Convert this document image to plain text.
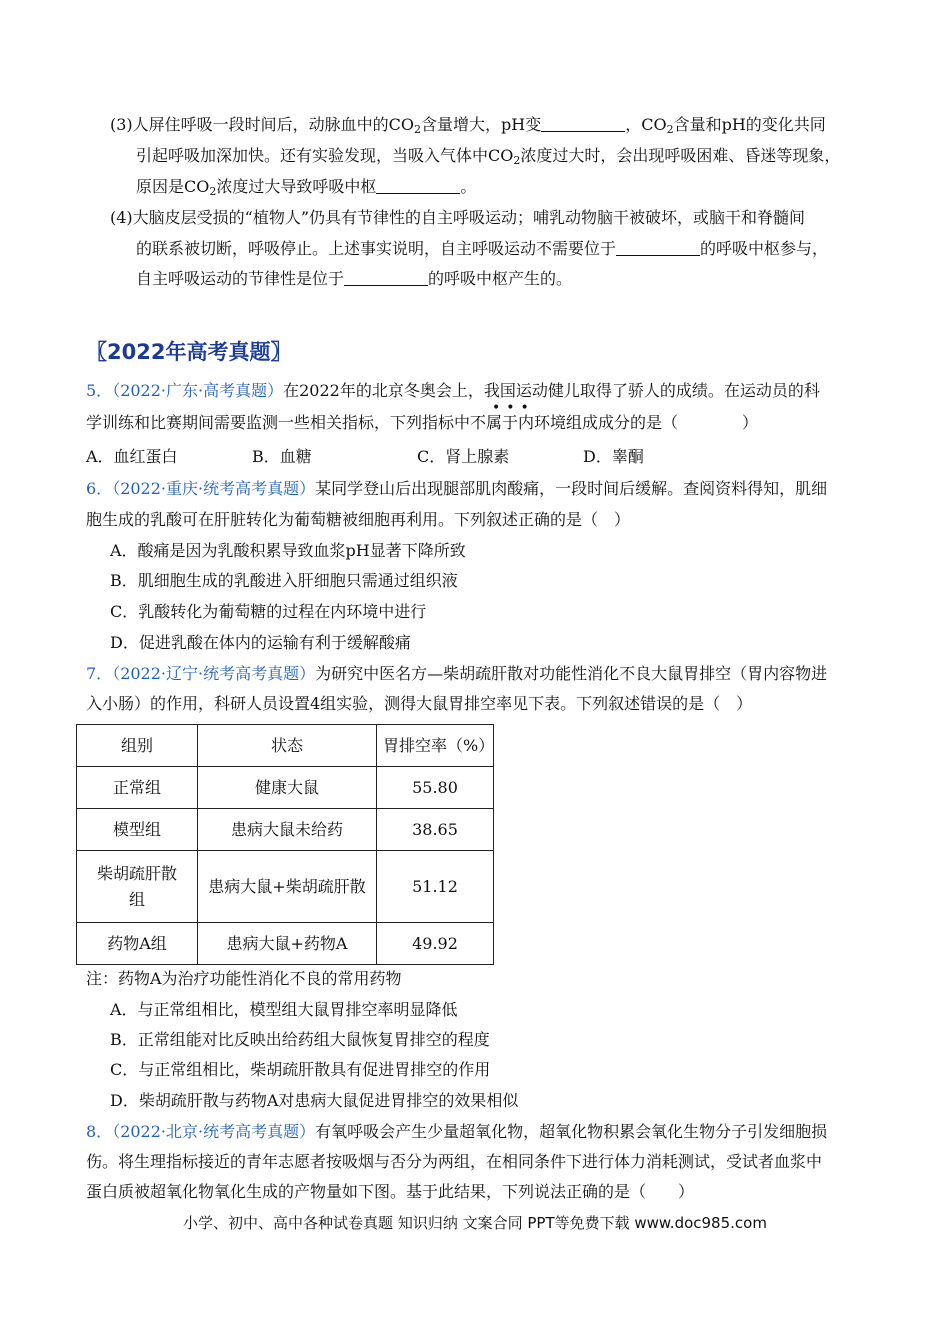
(3)人屏住呼吸一段时间后，动脉血中的$CO_2$含量增大，pH变	，$CO_2$含量和pH的变化共同
引起呼吸加深加快。还有实验发现，当吸入气体中$CO_2$浓度过大时，会出现呼吸困难、昏迷等现象，
原因是$CO_2$浓度过大导致呼吸中枢	。
(4)大脑皮层受损的“植物人”仍具有节律性的自主呼吸运动；哺乳动物脑干被破坏，或脑干和脊髓间
的联系被切断，呼吸停止。上述事实说明，自主呼吸运动不需要位于	的呼吸中枢参与，
自主呼吸运动的节律性是位于	的呼吸中枢产生的。
〖2022年高考真题〗
5．（2022·广东·高考真题）在2022年的北京冬奥会上，我国运动健儿取得了骄人的成绩。在运动员的科
•••
学训练和比赛期间需要监测一些相关指标，下列指标中不属于内环境组成成分的是（　　　　）
A．血红蛋白	B．血糖	C．肾上腺素	D．睾酮
6．（2022·重庆·统考高考真题）某同学登山后出现腿部肌肉酸痛，一段时间后缓解。查阅资料得知，肌细
胞生成的乳酸可在肝脏转化为葡萄糖被细胞再利用。下列叙述正确的是（　）
A．酸痛是因为乳酸积累导致血浆pH显著下降所致
B．肌细胞生成的乳酸进入肝细胞只需通过组织液
C．乳酸转化为葡萄糖的过程在内环境中进行
D．促进乳酸在体内的运输有利于缓解酸痛
7．（2022·辽宁·统考高考真题）为研究中医名方—柴胡疏肝散对功能性消化不良大鼠胃排空（胃内容物进
入小肠）的作用，科研人员设置4组实验，测得大鼠胃排空率见下表。下列叙述错误的是（　）
组别	状态	胃排空率（%）
正常组	健康大鼠	55.80
模型组	患病大鼠未给药	38.65
柴胡疏肝散
组	患病大鼠+柴胡疏肝散	51.12
药物A组	患病大鼠+药物A	49.92
注：药物A为治疗功能性消化不良的常用药物
A．与正常组相比，模型组大鼠胃排空率明显降低
B．正常组能对比反映出给药组大鼠恢复胃排空的程度
C．与正常组相比，柴胡疏肝散具有促进胃排空的作用
D．柴胡疏肝散与药物A对患病大鼠促进胃排空的效果相似
8．（2022·北京·统考高考真题）有氧呼吸会产生少量超氧化物，超氧化物积累会氧化生物分子引发细胞损
伤。将生理指标接近的青年志愿者按吸烟与否分为两组，在相同条件下进行体力消耗测试，受试者血浆中
蛋白质被超氧化物氧化生成的产物量如下图。基于此结果，下列说法正确的是（　　）
小学、初中、高中各种试卷真题 知识归纳 文案合同 PPT等免费下载 www.doc985.com
